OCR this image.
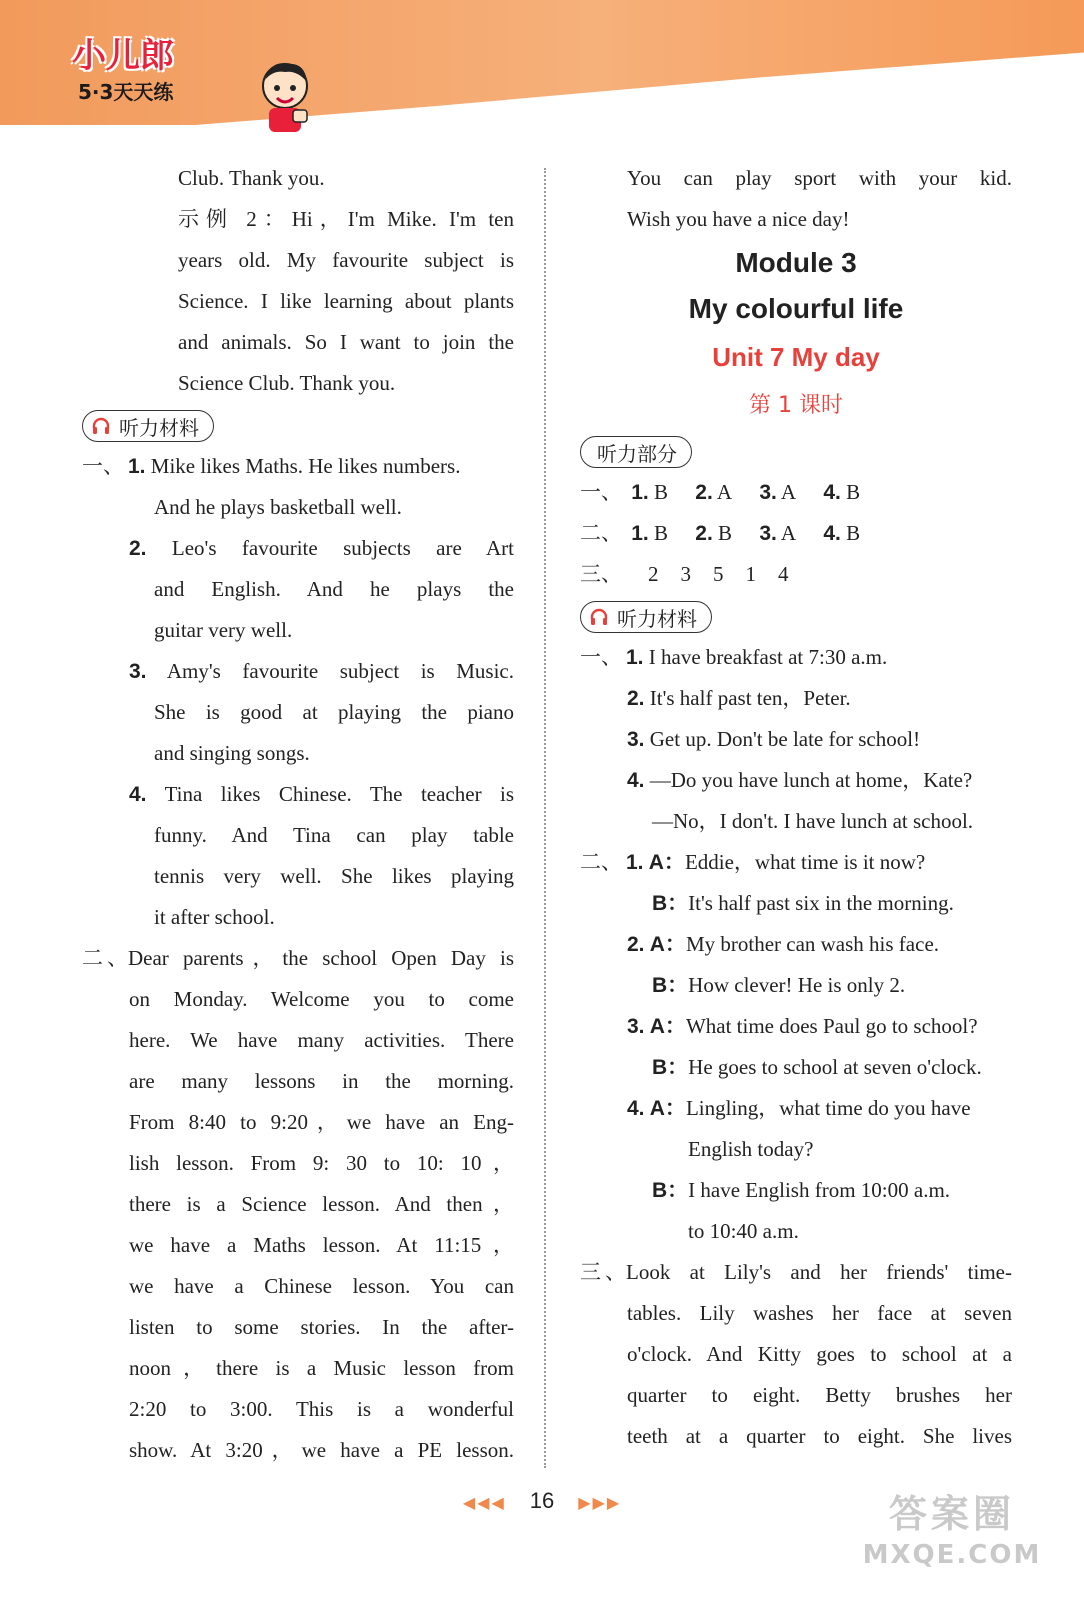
小儿郎
5·3天天练
Club. Thank you.
示例 2：Hi，I'm Mike. I'm ten
years old. My favourite subject is
Science. I like learning about plants
and animals. So I want to join the
Science Club. Thank you.
听力材料
一、 1. Mike likes Maths. He likes numbers.
And he plays basketball well.
2. Leo's favourite subjects are Art
and English. And he plays the
guitar very well.
3. Amy's favourite subject is Music.
She is good at playing the piano
and singing songs.
4. Tina likes Chinese. The teacher is
funny. And Tina can play table
tennis very well. She likes playing
it after school.
二、Dear parents，the school Open Day is
on Monday. Welcome you to come
here. We have many activities. There
are many lessons in the morning.
From 8:40 to 9:20，we have an Eng-
lish lesson. From 9: 30 to 10: 10，
there is a Science lesson. And then，
we have a Maths lesson. At 11:15，
we have a Chinese lesson. You can
listen to some stories. In the after-
noon，there is a Music lesson from
2:20 to 3:00. This is a wonderful
show. At 3:20，we have a PE lesson.
You can play sport with your kid.
Wish you have a nice day!
Module 3
My colourful life
Unit 7 My day
第 1 课时
听力部分
一、 1. B 2. A 3. A 4. B
二、 1. B 2. B 3. A 4. B
三、 2 3 5 1 4
听力材料
一、 1. I have breakfast at 7:30 a.m.
2. It's half past ten，Peter.
3. Get up. Don't be late for school!
4. —Do you have lunch at home，Kate?
—No，I don't. I have lunch at school.
二、 1. A：Eddie，what time is it now?
B：It's half past six in the morning.
2. A：My brother can wash his face.
B：How clever! He is only 2.
3. A：What time does Paul go to school?
B：He goes to school at seven o'clock.
4. A：Lingling，what time do you have
English today?
B：I have English from 10:00 a.m.
to 10:40 a.m.
三、Look at Lily's and her friends' time-
tables. Lily washes her face at seven
o'clock. And Kitty goes to school at a
quarter to eight. Betty brushes her
teeth at a quarter to eight. She lives
◀◀◀ 16 ▶▶▶	答案圈
MXQE.COM
